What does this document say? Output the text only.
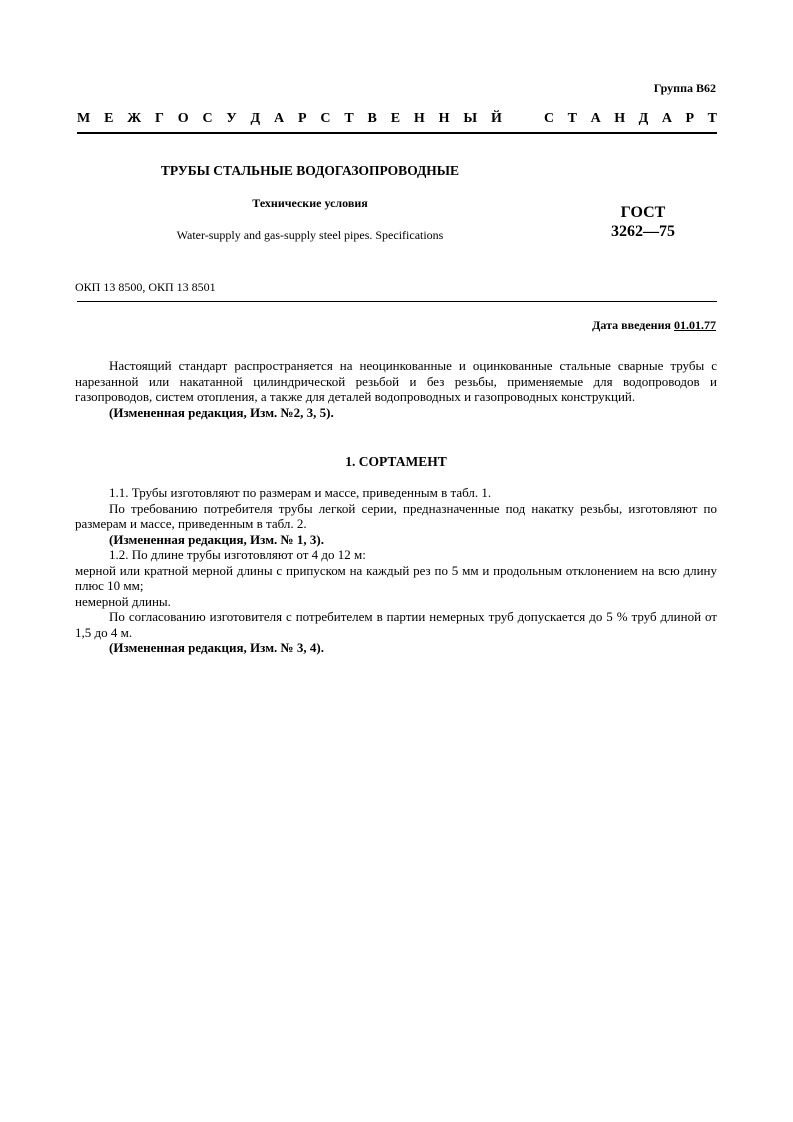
Группа В62
М Е Ж Г О С У Д А Р С Т В Е Н Н Ы Й	С Т А Н Д А Р Т
ТРУБЫ СТАЛЬНЫЕ ВОДОГАЗОПРОВОДНЫЕ
Технические условия
Water-supply and gas-supply steel pipes. Specifications
ГОСТ
3262—75
ОКП 13 8500, ОКП 13 8501
Дата введения 01.01.77

Настоящий стандарт распространяется на неоцинкованные и оцинкованные стальные сварные трубы с нарезанной или накатанной цилиндрической резьбой и без резьбы, применяемые для водопроводов и газопроводов, систем отопления, а также для деталей водопроводных и газопроводных конструкций.

(Измененная редакция, Изм. №2, 3, 5).

1. СОРТАМЕНТ

1.1. Трубы изготовляют по размерам и массе, приведенным в табл. 1.

По требованию потребителя трубы легкой серии, предназначенные под накатку резьбы, изготовляют по размерам и массе, приведенным в табл. 2.

(Измененная редакция, Изм. № 1, 3).

1.2. По длине трубы изготовляют от 4 до 12 м:

мерной или кратной мерной длины с припуском на каждый рез по 5 мм и продольным отклонением на всю длину плюс 10 мм;

немерной длины.

По согласованию изготовителя с потребителем в партии немерных труб допускается до 5 % труб длиной от 1,5 до 4 м.

(Измененная редакция, Изм. № 3, 4).
